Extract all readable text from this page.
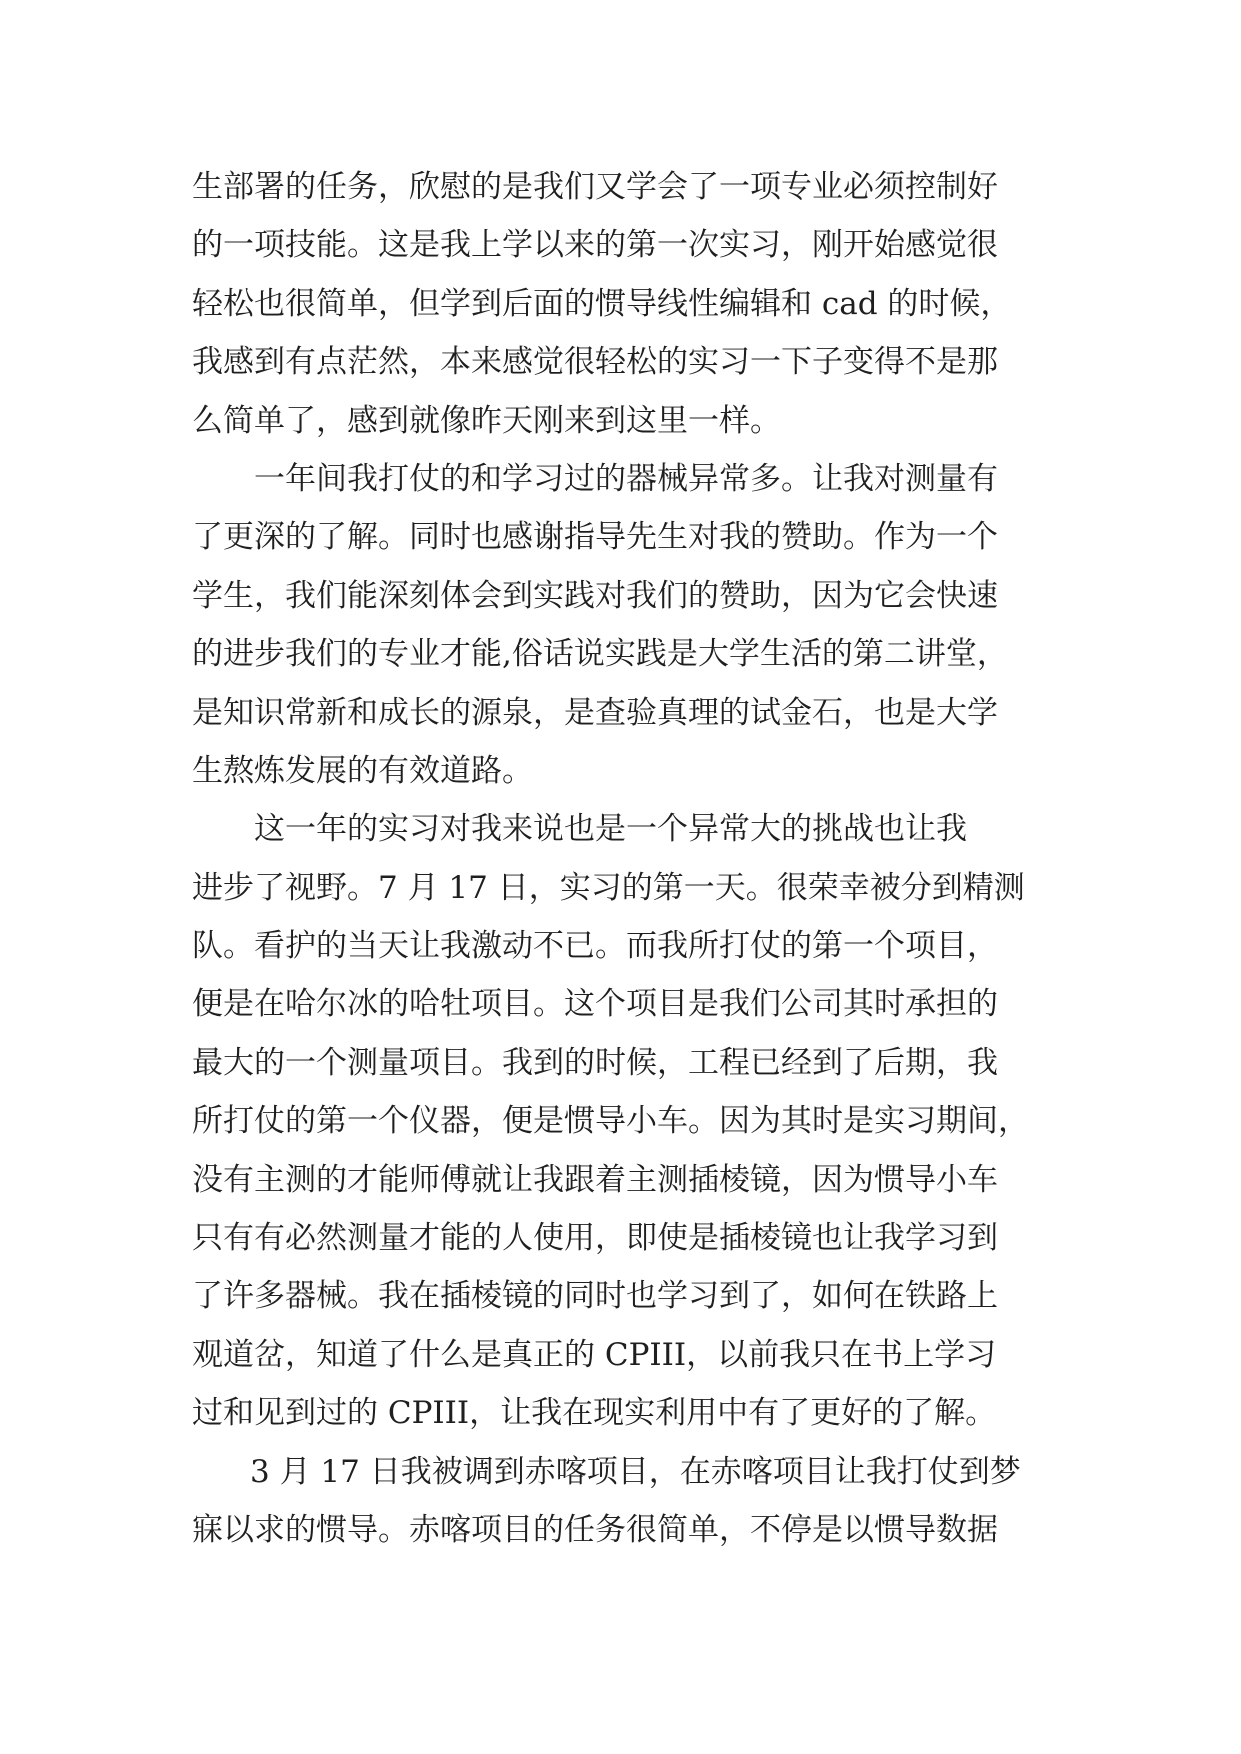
生部署的任务，欣慰的是我们又学会了一项专业必须控制好
的一项技能。这是我上学以来的第一次实习，刚开始感觉很
轻松也很简单，但学到后面的惯导线性编辑和 cad 的时候，
我感到有点茫然，本来感觉很轻松的实习一下子变得不是那
么简单了，感到就像昨天刚来到这里一样。
一年间我打仗的和学习过的器械异常多。让我对测量有
了更深的了解。同时也感谢指导先生对我的赞助。作为一个
学生，我们能深刻体会到实践对我们的赞助，因为它会快速
的进步我们的专业才能,俗话说实践是大学生活的第二讲堂，
是知识常新和成长的源泉，是查验真理的试金石，也是大学
生熬炼发展的有效道路。
这一年的实习对我来说也是一个异常大的挑战也让我
进步了视野。7 月 17 日，实习的第一天。很荣幸被分到精测
队。看护的当天让我激动不已。而我所打仗的第一个项目，
便是在哈尔冰的哈牡项目。这个项目是我们公司其时承担的
最大的一个测量项目。我到的时候，工程已经到了后期，我
所打仗的第一个仪器，便是惯导小车。因为其时是实习期间，
没有主测的才能师傅就让我跟着主测插棱镜，因为惯导小车
只有有必然测量才能的人使用，即使是插棱镜也让我学习到
了许多器械。我在插棱镜的同时也学习到了，如何在铁路上
观道岔，知道了什么是真正的 CPIII，以前我只在书上学习
过和见到过的 CPIII，让我在现实利用中有了更好的了解。
3 月 17 日我被调到赤喀项目，在赤喀项目让我打仗到梦
寐以求的惯导。赤喀项目的任务很简单，不停是以惯导数据
